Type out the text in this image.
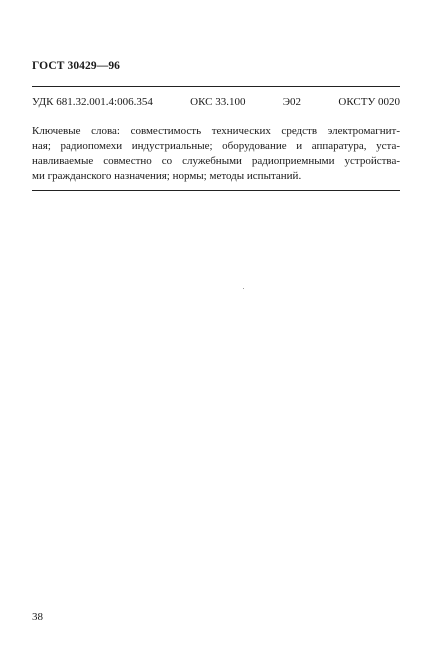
ГОСТ 30429—96
УДК 681.32.001.4:006.354	ОКС 33.100	Э02	ОКСТУ 0020
Ключевые слова: совместимость технических средств электромагнит-
ная; радиопомехи индустриальные; оборудование и аппаратура, уста-
навливаемые совместно со служебными радиоприемными устройства-
ми гражданского назначения; нормы; методы испытаний.
38
